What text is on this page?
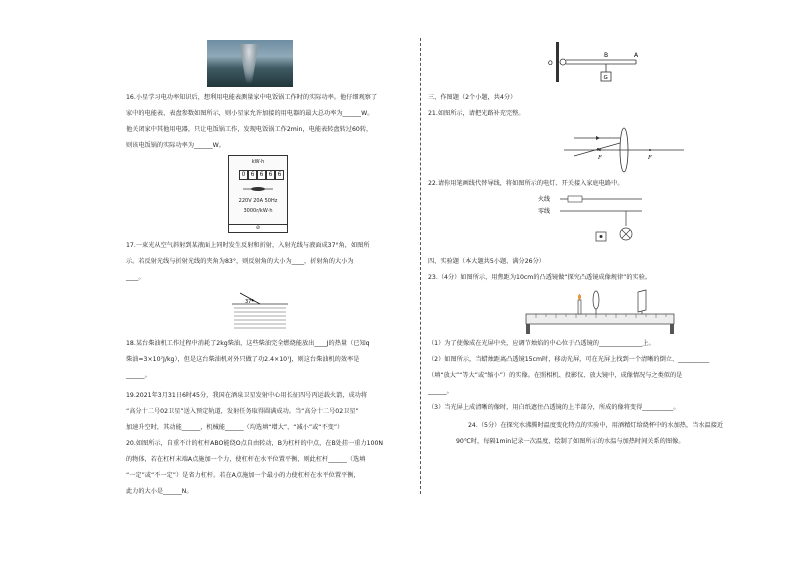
16.小星学习电功率知识后，想利用电能表测量家中电饭锅工作时的实际功率。他仔细观察了
家中的电能表，表盘参数如图所示，则小星家允许加接的用电器的最大总功率为______W。
他关闭家中其他用电器，只让电饭锅工作，发现电饭锅工作2min，电能表转盘转过60转，
则该电饭锅的实际功率为______W。
kW·h
0 6 6 6 6
220V 20A 50Hz
3000r/kW·h
⊘
17.一束光从空气斜射到某液面上同时发生反射和折射，入射光线与液面成37°角，如图所
示。若反射光线与折射光线的夹角为83°，则反射角的大小为____，折射角的大小为
____。
37°
18.某台柴油机工作过程中消耗了2kg柴油，这些柴油完全燃烧能放出____J的热量（已知q
柴油=3×10⁷J/kg），但是这台柴油机对外只做了功2.4×10⁷J，则这台柴油机的效率是
______。
19.2021年3月31日6时45分，我国在酒泉卫星发射中心用长征四号丙运载火箭，成功将
“高分十二号02卫星”送入预定轨道，发射任务取得圆满成功。当“高分十二号02卫星”
加速升空时，其动能______，机械能______（均选填“增大”、“减小”或“不变”）
20.如图所示，自重不计的杠杆ABO能绕O点自由转动，B为杠杆的中点，在B处挂一重力100N
的物体，若在杠杆末端A点施加一个力，使杠杆在水平位置平衡，则此杠杆______（选填
“一定”或“不一定”）是省力杠杆。若在A点施加一个最小的力使杠杆在水平位置平衡，
此力的大小是______N。
O
B	A
G
三、作图题（2个小题，共4分）
21.如图所示，请把光路补充完整。
F	F
22.请你用笔画线代替导线，将如图所示的电灯、开关接入家庭电路中。
火线
零线
四、实验题（本大题共5小题，满分26分）
23.（4分）如图所示，用焦距为10cm的凸透镜做“探究凸透镜成像规律”的实验。
（1）为了使像成在光屏中央，应调节烛焰的中心位于凸透镜的______________上。
（2）如图所示，当蜡烛距离凸透镜15cm时，移动光屏，可在光屏上找到一个清晰的倒立、__________
（填“放大”“等大”或“缩小”）的实像。在照相机、投影仪、放大镜中，成像情况与之类似的是
______。
（3）当光屏上成清晰的像时，用白纸遮住凸透镜的上半部分，所成的像将变得__________。
24.（5分）在探究水沸腾时温度变化特点的实验中，用酒精灯给烧杯中的水加热，当水温接近
90℃时，每隔1min记录一次温度，绘制了如图所示的水温与加热时间关系的图像。
